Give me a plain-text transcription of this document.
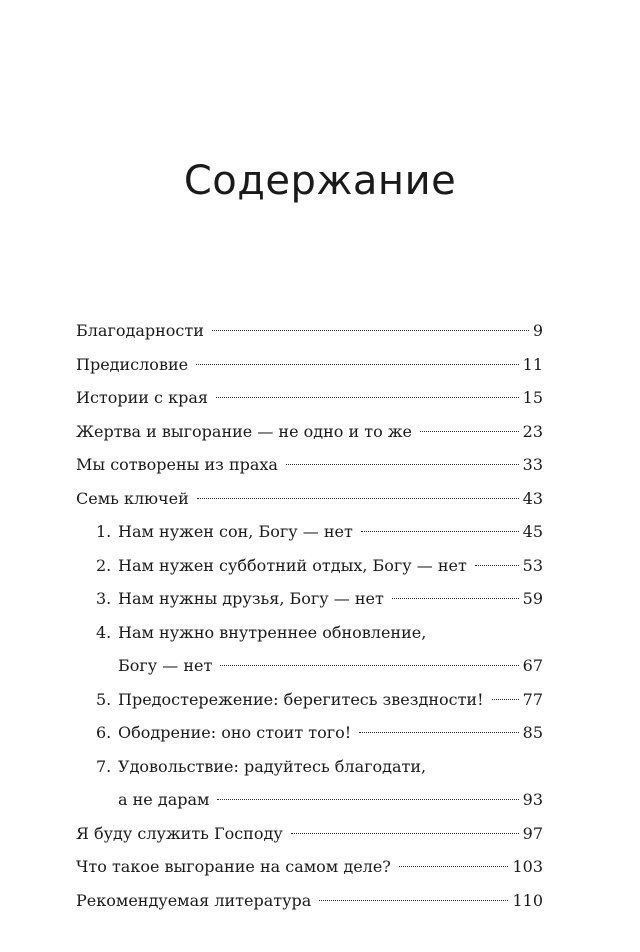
Содержание
Благодарности	9
Предисловие	11
Истории с края	15
Жертва и выгорание — не одно и то же	23
Мы сотворены из праха	33
Семь ключей	43
1. Нам нужен сон, Богу — нет	45
2. Нам нужен субботний отдых, Богу — нет	53
3. Нам нужны друзья, Богу — нет	59
4. Нам нужно внутреннее обновление,
Богу — нет	67
5. Предостережение: берегитесь звездности! 77
6. Ободрение: оно стоит того!	85
7. Удовольствие: радуйтесь благодати,
а не дарам	93
Я буду служить Господу	97
Что такое выгорание на самом деле?	103
Рекомендуемая литература	110
